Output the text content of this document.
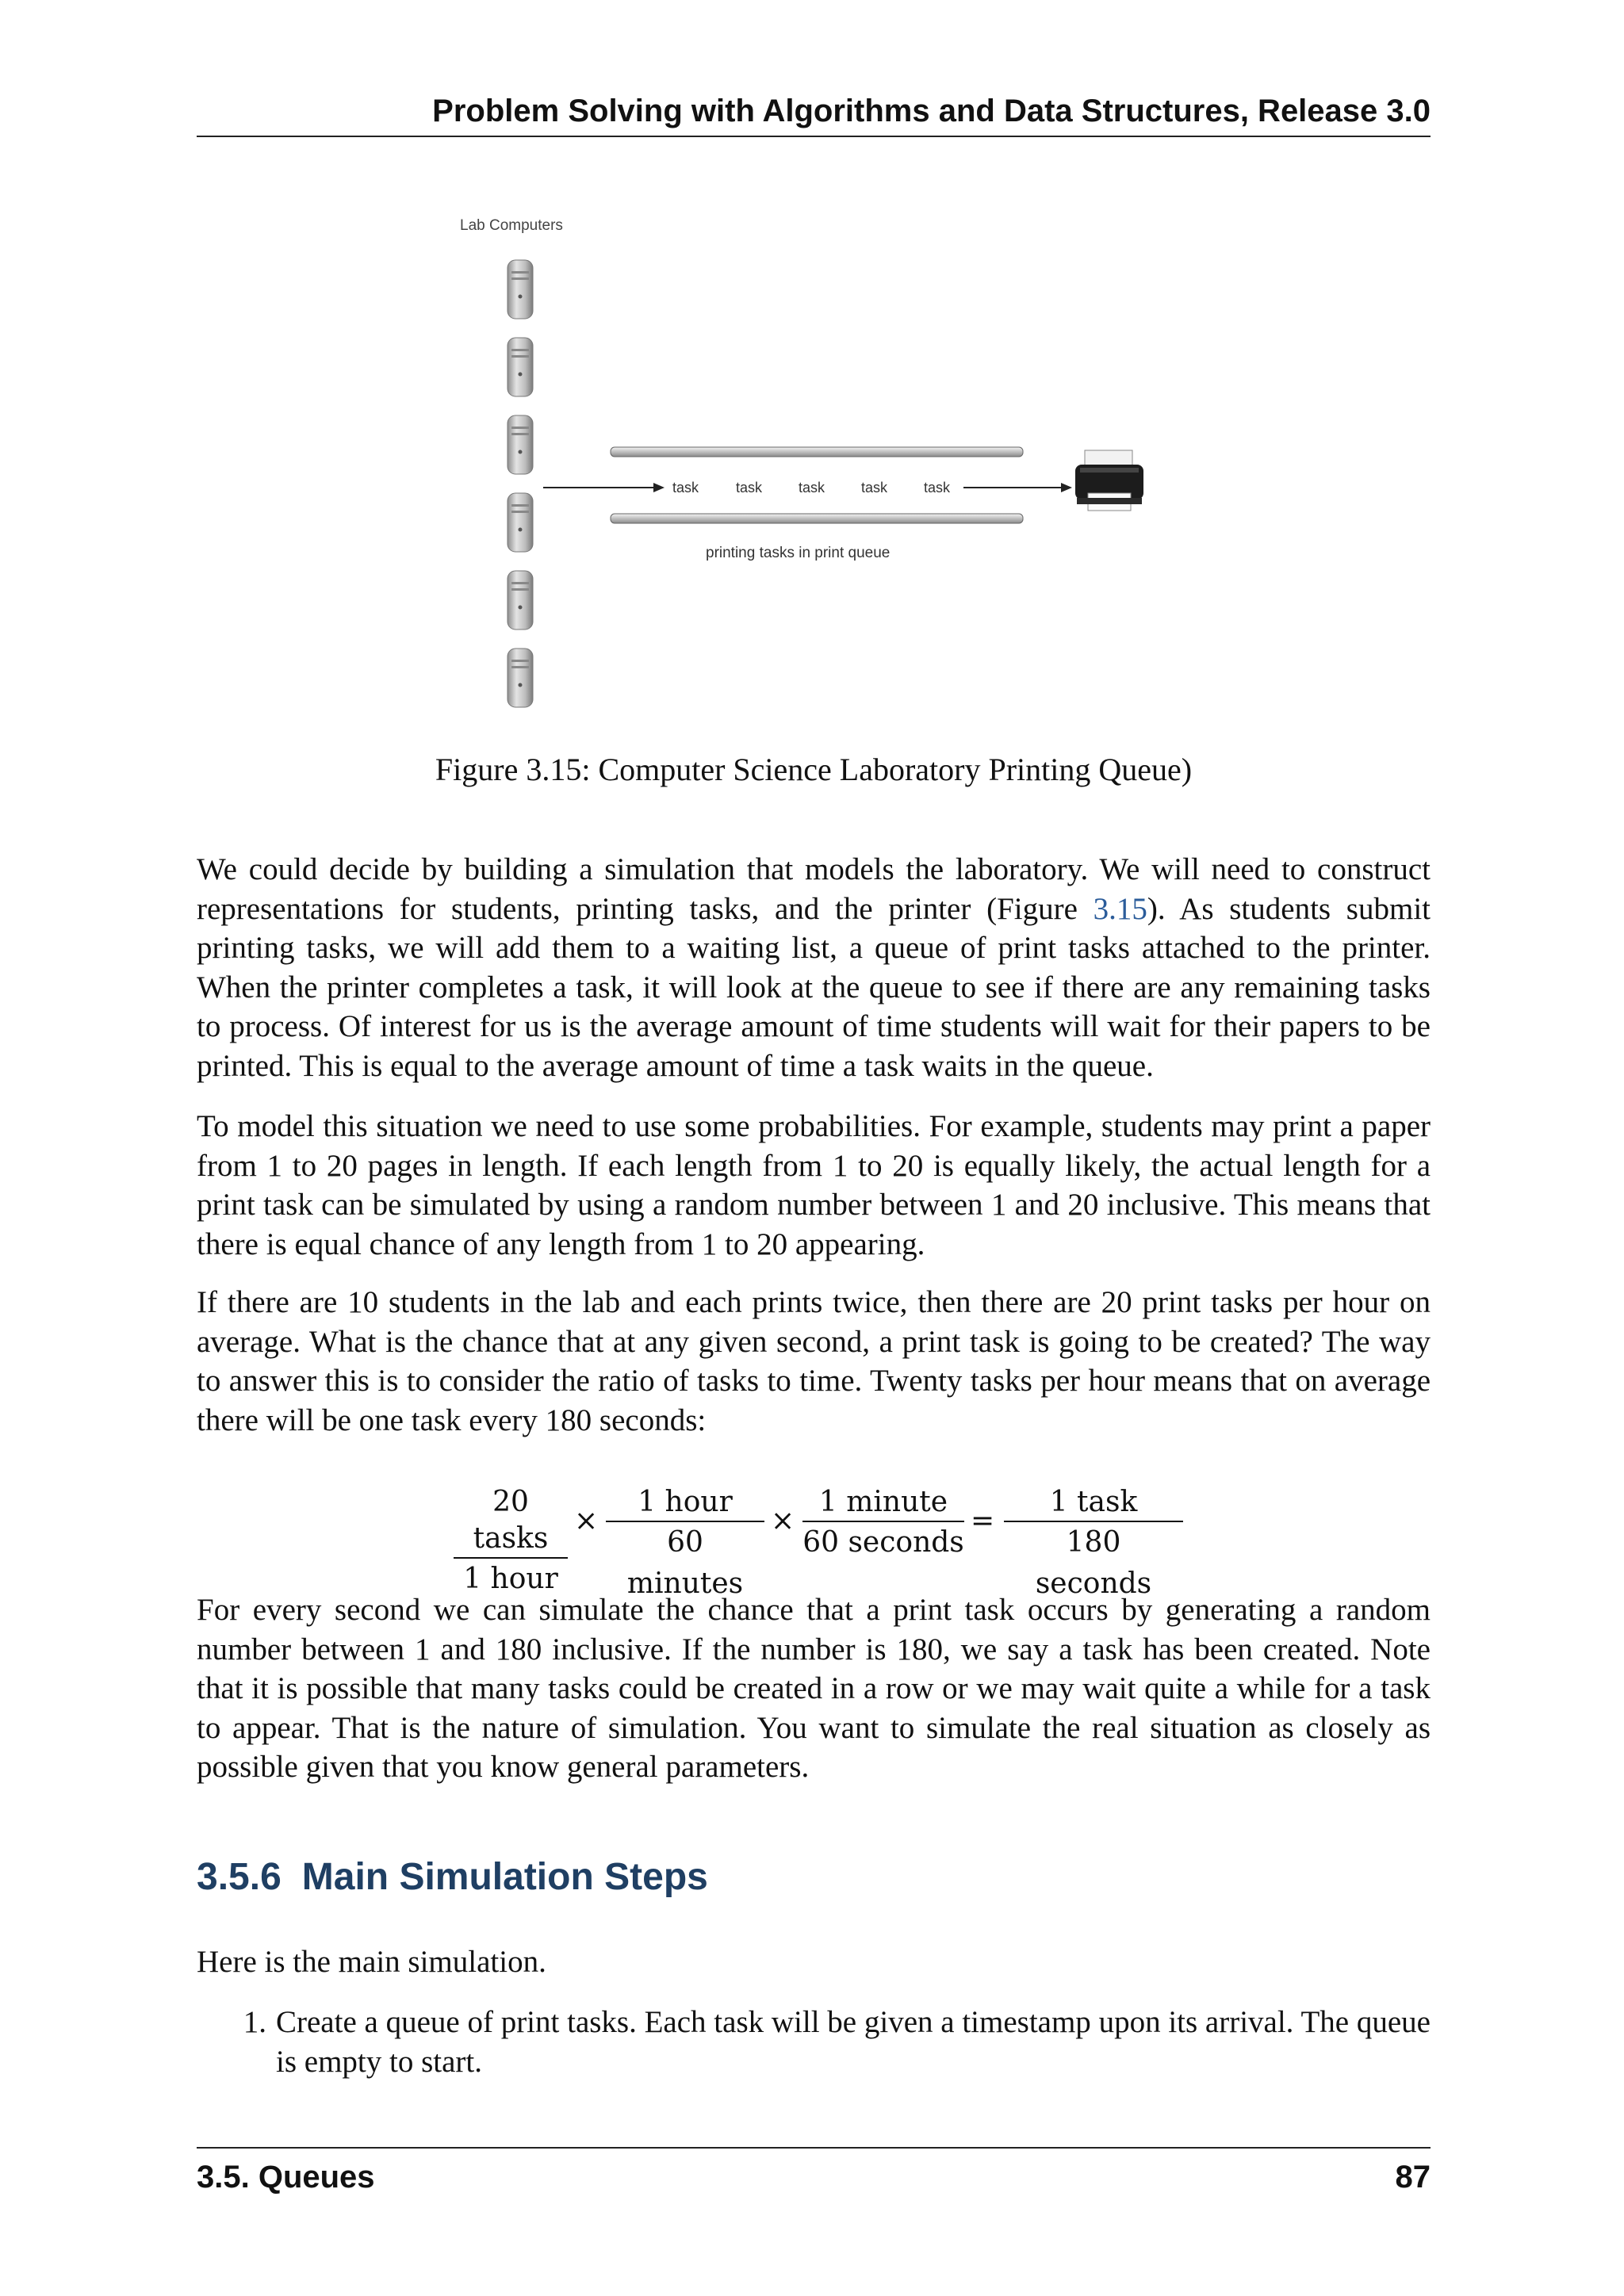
Problem Solving with Algorithms and Data Structures, Release 3.0
Lab Computers
task	task	task	task	task
printing tasks in print queue
Figure 3.15: Computer Science Laboratory Printing Queue)

We could decide by building a simulation that models the laboratory. We will need to construct representations for students, printing tasks, and the printer (Figure 3.15). As students submit printing tasks, we will add them to a waiting list, a queue of print tasks attached to the printer. When the printer completes a task, it will look at the queue to see if there are any remaining tasks to process. Of interest for us is the average amount of time students will wait for their papers to be printed. This is equal to the average amount of time a task waits in the queue.

To model this situation we need to use some probabilities. For example, students may print a paper from 1 to 20 pages in length. If each length from 1 to 20 is equally likely, the actual length for a print task can be simulated by using a random number between 1 and 20 inclusive. This means that there is equal chance of any length from 1 to 20 appearing.

If there are 10 students in the lab and each prints twice, then there are 20 print tasks per hour on average. What is the chance that at any given second, a print task is going to be created? The way to answer this is to consider the ratio of tasks to time. Twenty tasks per hour means that on average there will be one task every 180 seconds:

20 tasks
1 hour
×
1 hour
60 minutes
×
1 minute
60 seconds
=
1 task
180 seconds

For every second we can simulate the chance that a print task occurs by generating a random number between 1 and 180 inclusive. If the number is 180, we say a task has been created. Note that it is possible that many tasks could be created in a row or we may wait quite a while for a task to appear. That is the nature of simulation. You want to simulate the real situation as closely as possible given that you know general parameters.

3.5.6 Main Simulation Steps

Here is the main simulation.

1. Create a queue of print tasks. Each task will be given a timestamp upon its arrival. The queue is empty to start.
3.5. Queues	87
